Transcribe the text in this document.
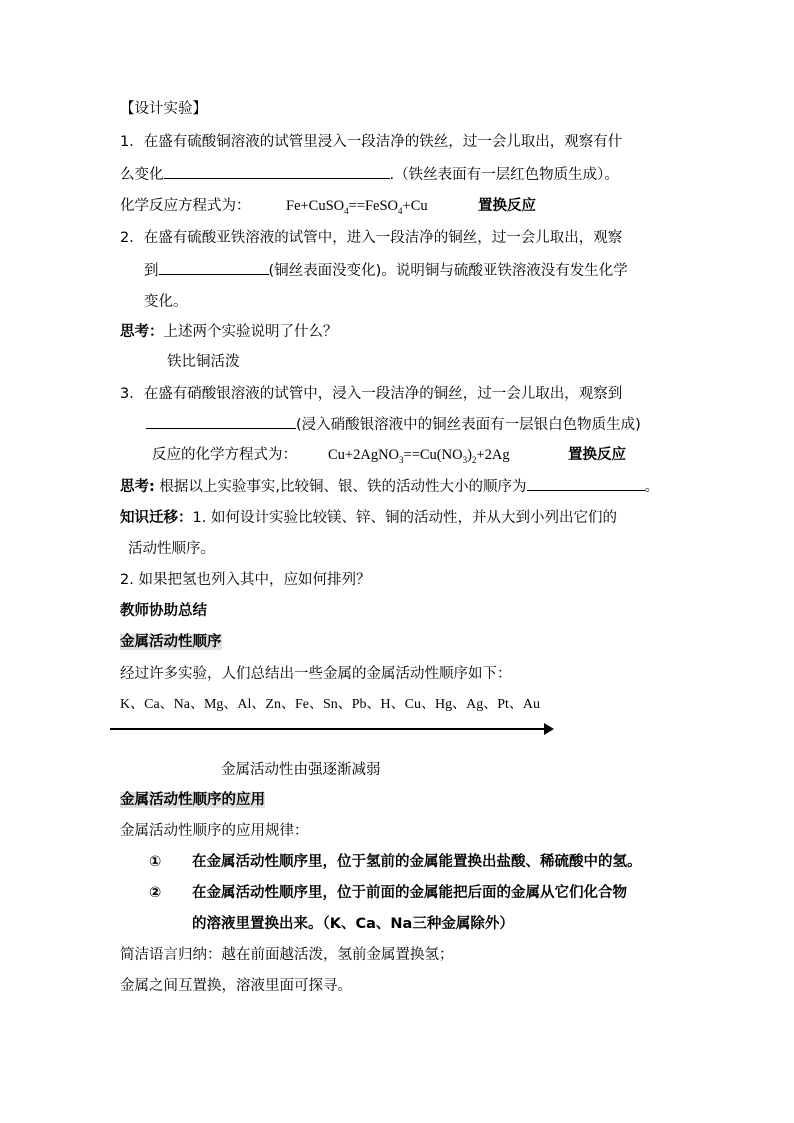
【设计实验】
1．在盛有硫酸铜溶液的试管里浸入一段洁净的铁丝，过一会儿取出，观察有什
么变化	.（铁丝表面有一层红色物质生成）。
化学反应方程式为： Fe+CuSO$_4$==FeSO$_4$+Cu	置换反应
2．在盛有硫酸亚铁溶液的试管中，进入一段洁净的铜丝，过一会儿取出，观察
到	(铜丝表面没变化)。说明铜与硫酸亚铁溶液没有发生化学
变化。
思考：上述两个实验说明了什么？
铁比铜活泼
3．在盛有硝酸银溶液的试管中，浸入一段洁净的铜丝，过一会儿取出，观察到
(浸入硝酸银溶液中的铜丝表面有一层银白色物质生成)
反应的化学方程式为： $Cu+2AgNO_3==Cu(NO_3)_2+2Ag$	置换反应
思考: 根据以上实验事实,比较铜、银、铁的活动性大小的顺序为	。
知识迁移：1. 如何设计实验比较镁、锌、铜的活动性，并从大到小列出它们的
活动性顺序。
2. 如果把氢也列入其中，应如何排列？
教师协助总结
金属活动性顺序
经过许多实验，人们总结出一些金属的金属活动性顺序如下：
K、Ca、Na、Mg、Al、Zn、Fe、Sn、Pb、H、Cu、Hg、Ag、Pt、Au
金属活动性由强逐渐减弱
金属活动性顺序的应用
金属活动性顺序的应用规律：
① 在金属活动性顺序里，位于氢前的金属能置换出盐酸、稀硫酸中的氢。
② 在金属活动性顺序里，位于前面的金属能把后面的金属从它们化合物
的溶液里置换出来。（K、Ca、Na三种金属除外）
简洁语言归纳：越在前面越活泼，氢前金属置换氢；
金属之间互置换，溶液里面可探寻。
